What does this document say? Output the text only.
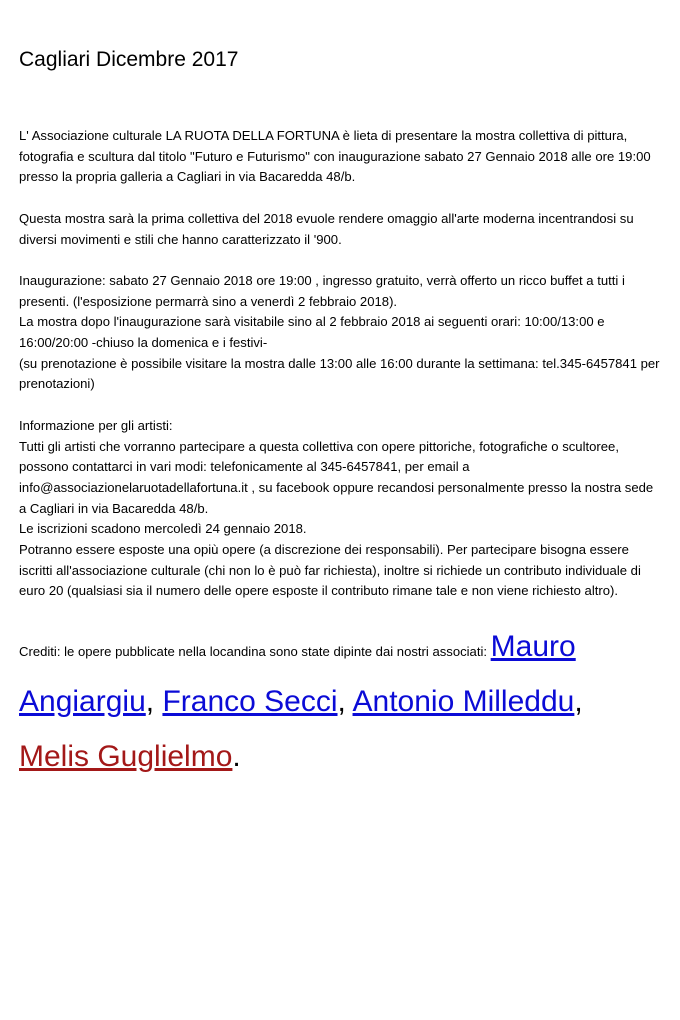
Cagliari Dicembre 2017

L' Associazione culturale LA RUOTA DELLA FORTUNA è lieta di presentare la mostra collettiva di pittura, fotografia e scultura dal titolo "Futuro e Futurismo" con inaugurazione sabato 27 Gennaio 2018 alle ore 19:00 presso la propria galleria a Cagliari in via Bacaredda 48/b.

Questa mostra sarà la prima collettiva del 2018 evuole rendere omaggio all'arte moderna incentrandosi su diversi movimenti e stili che hanno caratterizzato il '900.

Inaugurazione: sabato 27 Gennaio 2018 ore 19:00 , ingresso gratuito, verrà offerto un ricco buffet a tutti i presenti. (l'esposizione permarrà sino a venerdì 2 febbraio 2018).

La mostra dopo l'inaugurazione sarà visitabile sino al 2 febbraio 2018 ai seguenti orari: 10:00/13:00 e 16:00/20:00 -chiuso la domenica e i festivi-

(su prenotazione è possibile visitare la mostra dalle 13:00 alle 16:00 durante la settimana: tel.345-6457841 per prenotazioni)

Informazione per gli artisti:

Tutti gli artisti che vorranno partecipare a questa collettiva con opere pittoriche, fotografiche o scultoree, possono contattarci in vari modi: telefonicamente al 345-6457841, per email a info@associazionelaruotadellafortuna.it , su facebook oppure recandosi personalmente presso la nostra sede a Cagliari in via Bacaredda 48/b.

Le iscrizioni scadono mercoledì 24 gennaio 2018.

Potranno essere esposte una opiù opere (a discrezione dei responsabili). Per partecipare bisogna essere iscritti all'associazione culturale (chi non lo è può far richiesta), inoltre si richiede un contributo individuale di euro 20 (qualsiasi sia il numero delle opere esposte il contributo rimane tale e non viene richiesto altro).

Crediti: le opere pubblicate nella locandina sono state dipinte dai nostri associati: Mauro Angiargiu, Franco Secci, Antonio Milleddu, Melis Guglielmo.
